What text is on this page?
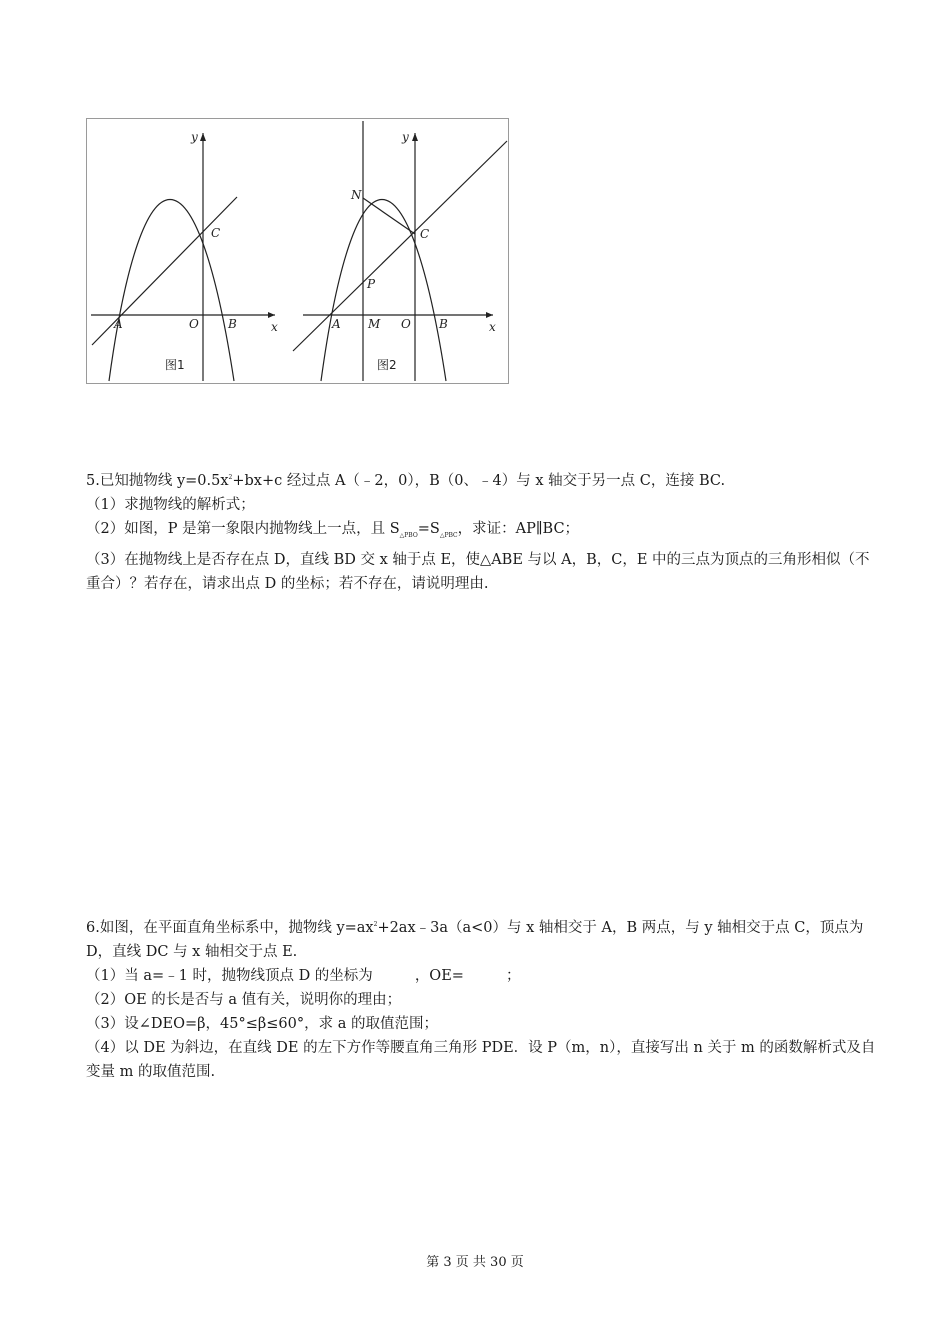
y
x
A	O B
C
图1
y
x
A M O B
C
N
P
图2

5.已知抛物线 $y=0.5x^2+bx+c$ 经过点 A（﹣2，0），B（0、﹣4）与 x 轴交于另一点 C，连接 BC.

（1）求抛物线的解析式；

（2）如图，P 是第一象限内抛物线上一点，且 $S_{\triangle PBO}=S_{\triangle PBC}$，求证：AP∥BC；

（3）在抛物线上是否存在点 D，直线 BD 交 x 轴于点 E，使△ABE 与以 A，B，C，E 中的三点为顶点的三角形相似（不重合）？若存在，请求出点 D 的坐标；若不存在，请说明理由.

6.如图，在平面直角坐标系中，抛物线 $y=ax^2+2ax﹣3a(a<0)$与 x 轴相交于 A，B 两点，与 y 轴相交于点 C，顶点为 D，直线 DC 与 x 轴相交于点 E.

（1）当 a=﹣1 时，抛物线顶点 D 的坐标为	，OE=	；

（2）OE 的长是否与 a 值有关，说明你的理由；

（3）设∠DEO=β，45°≤β≤60°，求 a 的取值范围；

（4）以 DE 为斜边，在直线 DE 的左下方作等腰直角三角形 PDE．设 P（m，n），直接写出 n 关于 m 的函数解析式及自变量 m 的取值范围.

第 3 页 共 30 页
